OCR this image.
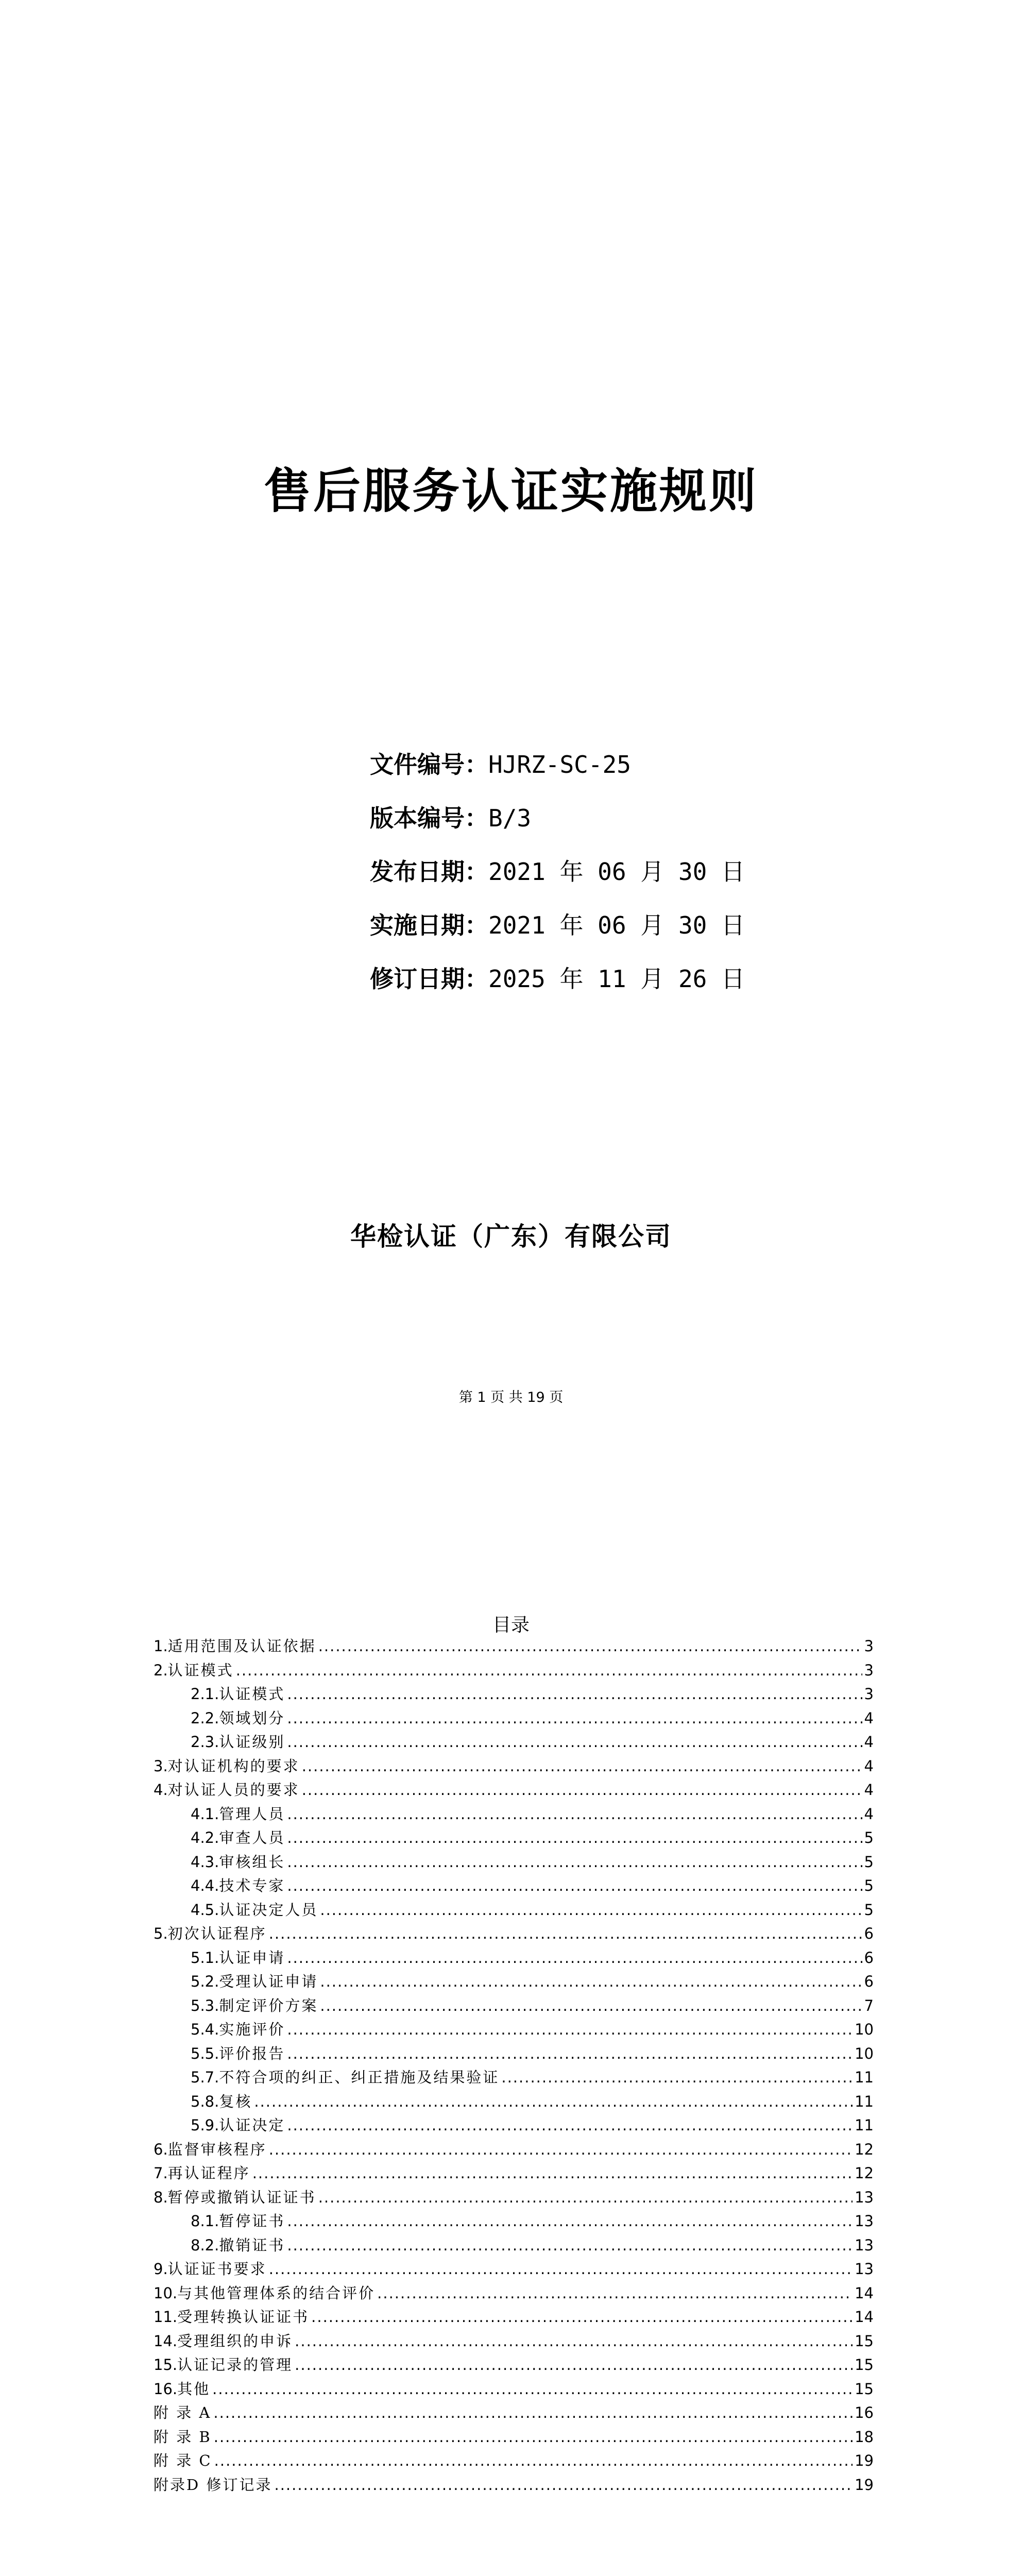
售后服务认证实施规则
文件编号：HJRZ-SC-25
版本编号：B/3
发布日期：2021 年 06 月 30 日
实施日期：2021 年 06 月 30 日
修订日期：2025 年 11 月 26 日
华检认证（广东）有限公司
第 1 页 共 19 页
目录
1. 适用范围及认证依据 .....	3
2. 认证模式 .....	3
2.1. 认证模式 .....	3
2.2. 领域划分 .....	4
2.3. 认证级别 .....	4
3. 对认证机构的要求 .....	4
4. 对认证人员的要求 .....	4
4.1. 管理人员 .....	4
4.2. 审查人员 .....	5
4.3. 审核组长 .....	5
4.4. 技术专家 .....	5
4.5. 认证决定人员 .....	5
5. 初次认证程序 .....	6
5.1. 认证申请 .....	6
5.2. 受理认证申请 .....	6
5.3. 制定评价方案 .....	7
5.4. 实施评价 .....	10
5.5. 评价报告 .....	10
5.7. 不符合项的纠正、纠正措施及结果验证 .....	11
5.8. 复核 .....	11
5.9. 认证决定 .....	11
6. 监督审核程序 .....	12
7. 再认证程序 .....	12
8. 暂停或撤销认证证书 .....	13
8.1. 暂停证书 .....	13
8.2. 撤销证书 .....	13
9. 认证证书要求 .....	13
10. 与其他管理体系的结合评价 .....	14
11. 受理转换认证证书 .....	14
14. 受理组织的申诉 .....	15
15. 认证记录的管理 .....	15
16. 其他 .....	15
附 录 A .....	16
附 录 B .....	18
附 录 C .....	19
附录D 修订记录 .....	19
